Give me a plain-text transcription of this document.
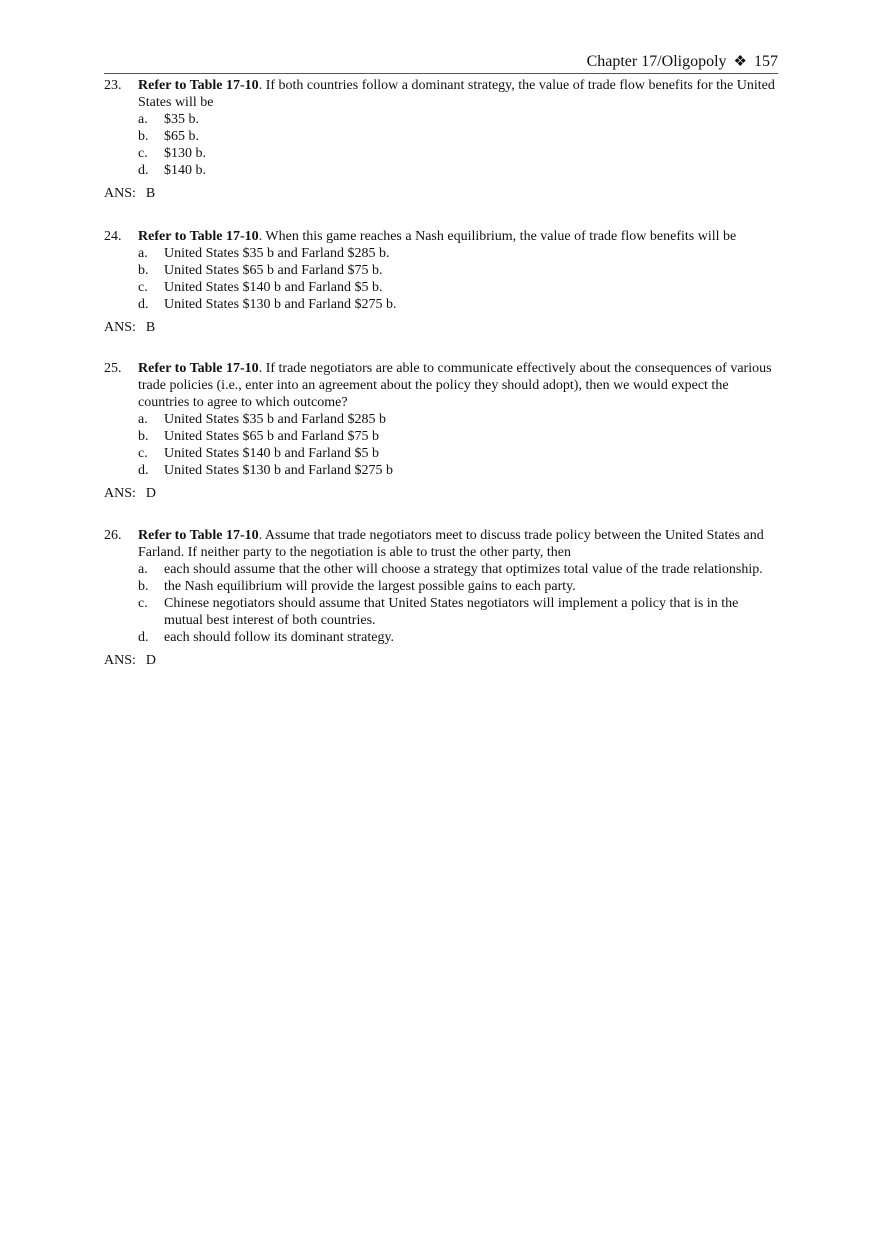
Chapter 17/Oligopoly ❖ 157
23. Refer to Table 17-10. If both countries follow a dominant strategy, the value of trade flow benefits for the United States will be
a. $35 b.
b. $65 b.
c. $130 b.
d. $140 b.
ANS: B
24. Refer to Table 17-10. When this game reaches a Nash equilibrium, the value of trade flow benefits will be
a. United States $35 b and Farland $285 b.
b. United States $65 b and Farland $75 b.
c. United States $140 b and Farland $5 b.
d. United States $130 b and Farland $275 b.
ANS: B
25. Refer to Table 17-10. If trade negotiators are able to communicate effectively about the consequences of various trade policies (i.e., enter into an agreement about the policy they should adopt), then we would expect the countries to agree to which outcome?
a. United States $35 b and Farland $285 b
b. United States $65 b and Farland $75 b
c. United States $140 b and Farland $5 b
d. United States $130 b and Farland $275 b
ANS: D
26. Refer to Table 17-10. Assume that trade negotiators meet to discuss trade policy between the United States and Farland. If neither party to the negotiation is able to trust the other party, then
a. each should assume that the other will choose a strategy that optimizes total value of the trade relationship.
b. the Nash equilibrium will provide the largest possible gains to each party.
c. Chinese negotiators should assume that United States negotiators will implement a policy that is in the mutual best interest of both countries.
d. each should follow its dominant strategy.
ANS: D
